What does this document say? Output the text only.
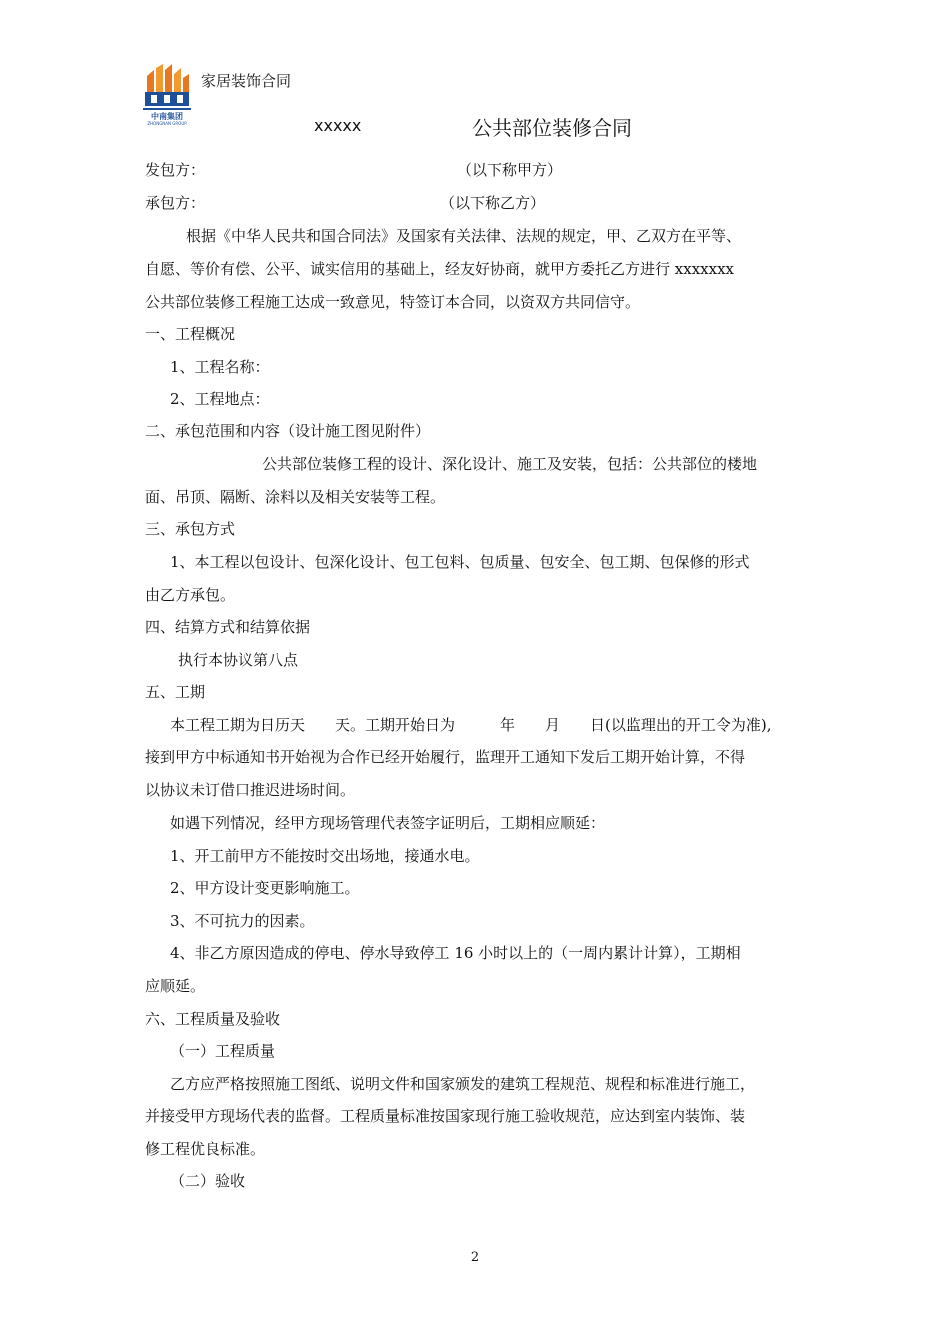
中南集团
ZHONGNAN GROUP
家居装饰合同
xxxxx	公共部位装修合同
发包方：	（以下称甲方）
承包方：	（以下称乙方）
根据《中华人民共和国合同法》及国家有关法律、法规的规定，甲、乙双方在平等、
自愿、等价有偿、公平、诚实信用的基础上，经友好协商，就甲方委托乙方进行 xxxxxxx
公共部位装修工程施工达成一致意见，特签订本合同，以资双方共同信守。
一、工程概况
1、工程名称：
2、工程地点：
二、承包范围和内容（设计施工图见附件）
公共部位装修工程的设计、深化设计、施工及安装，包括：公共部位的楼地
面、吊顶、隔断、涂料以及相关安装等工程。
三、承包方式
1、本工程以包设计、包深化设计、包工包料、包质量、包安全、包工期、包保修的形式
由乙方承包。
四、结算方式和结算依据
执行本协议第八点
五、工期
本工程工期为日历天　　天。工期开始日为　　　年　　月　　日(以监理出的开工令为准),
接到甲方中标通知书开始视为合作已经开始履行，监理开工通知下发后工期开始计算，不得
以协议未订借口推迟进场时间。
如遇下列情况，经甲方现场管理代表签字证明后，工期相应顺延：
1、开工前甲方不能按时交出场地，接通水电。
2、甲方设计变更影响施工。
3、不可抗力的因素。
4、非乙方原因造成的停电、停水导致停工 16 小时以上的（一周内累计计算），工期相
应顺延。
六、工程质量及验收
（一）工程质量
乙方应严格按照施工图纸、说明文件和国家颁发的建筑工程规范、规程和标准进行施工，
并接受甲方现场代表的监督。工程质量标准按国家现行施工验收规范，应达到室内装饰、装
修工程优良标准。
（二）验收
2
